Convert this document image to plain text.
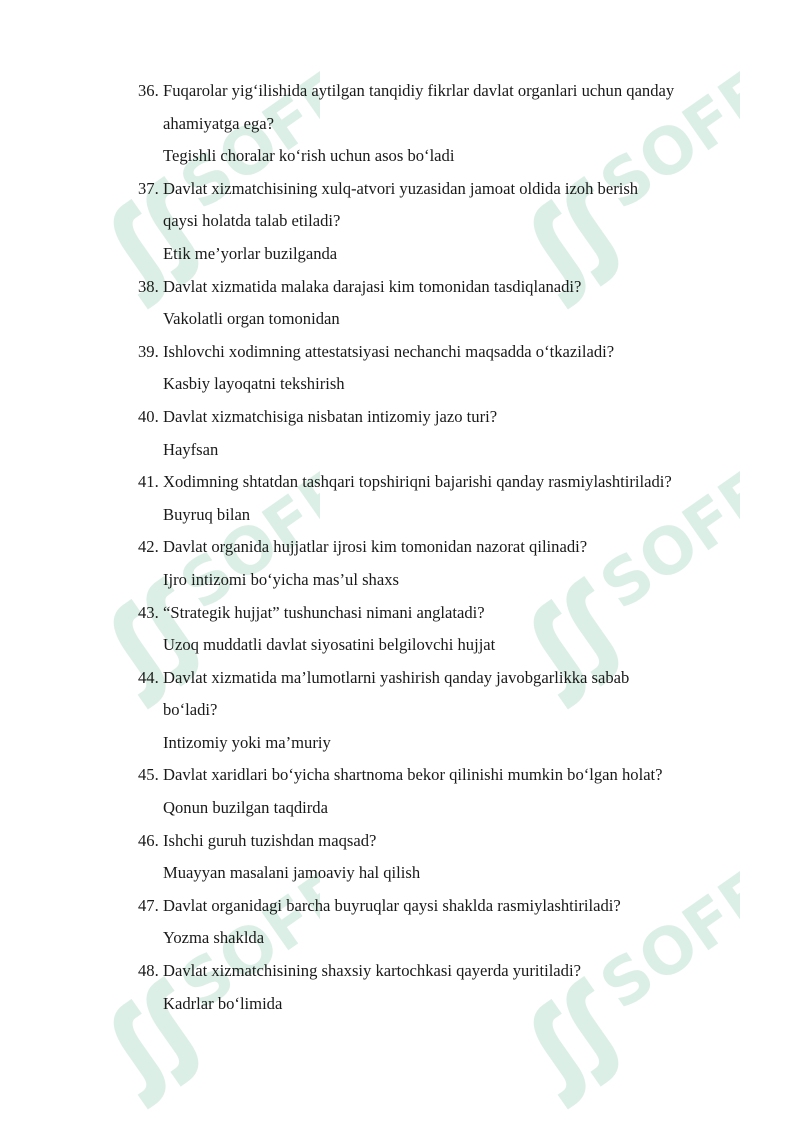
SOFF	SOFF
SOFF	SOFF
SOFF	SOFF
36. Fuqarolar yig‘ilishida aytilgan tanqidiy fikrlar davlat organlari uchun qanday
ahamiyatga ega?
Tegishli choralar ko‘rish uchun asos bo‘ladi
37. Davlat xizmatchisining xulq-atvori yuzasidan jamoat oldida izoh berish
qaysi holatda talab etiladi?
Etik me’yorlar buzilganda
38. Davlat xizmatida malaka darajasi kim tomonidan tasdiqlanadi?
Vakolatli organ tomonidan
39. Ishlovchi xodimning attestatsiyasi nechanchi maqsadda o‘tkaziladi?
Kasbiy layoqatni tekshirish
40. Davlat xizmatchisiga nisbatan intizomiy jazo turi?
Hayfsan
41. Xodimning shtatdan tashqari topshiriqni bajarishi qanday rasmiylashtiriladi?
Buyruq bilan
42. Davlat organida hujjatlar ijrosi kim tomonidan nazorat qilinadi?
Ijro intizomi bo‘yicha mas’ul shaxs
43. “Strategik hujjat” tushunchasi nimani anglatadi?
Uzoq muddatli davlat siyosatini belgilovchi hujjat
44. Davlat xizmatida ma’lumotlarni yashirish qanday javobgarlikka sabab
bo‘ladi?
Intizomiy yoki ma’muriy
45. Davlat xaridlari bo‘yicha shartnoma bekor qilinishi mumkin bo‘lgan holat?
Qonun buzilgan taqdirda
46. Ishchi guruh tuzishdan maqsad?
Muayyan masalani jamoaviy hal qilish
47. Davlat organidagi barcha buyruqlar qaysi shaklda rasmiylashtiriladi?
Yozma shaklda
48. Davlat xizmatchisining shaxsiy kartochkasi qayerda yuritiladi?
Kadrlar bo‘limida
